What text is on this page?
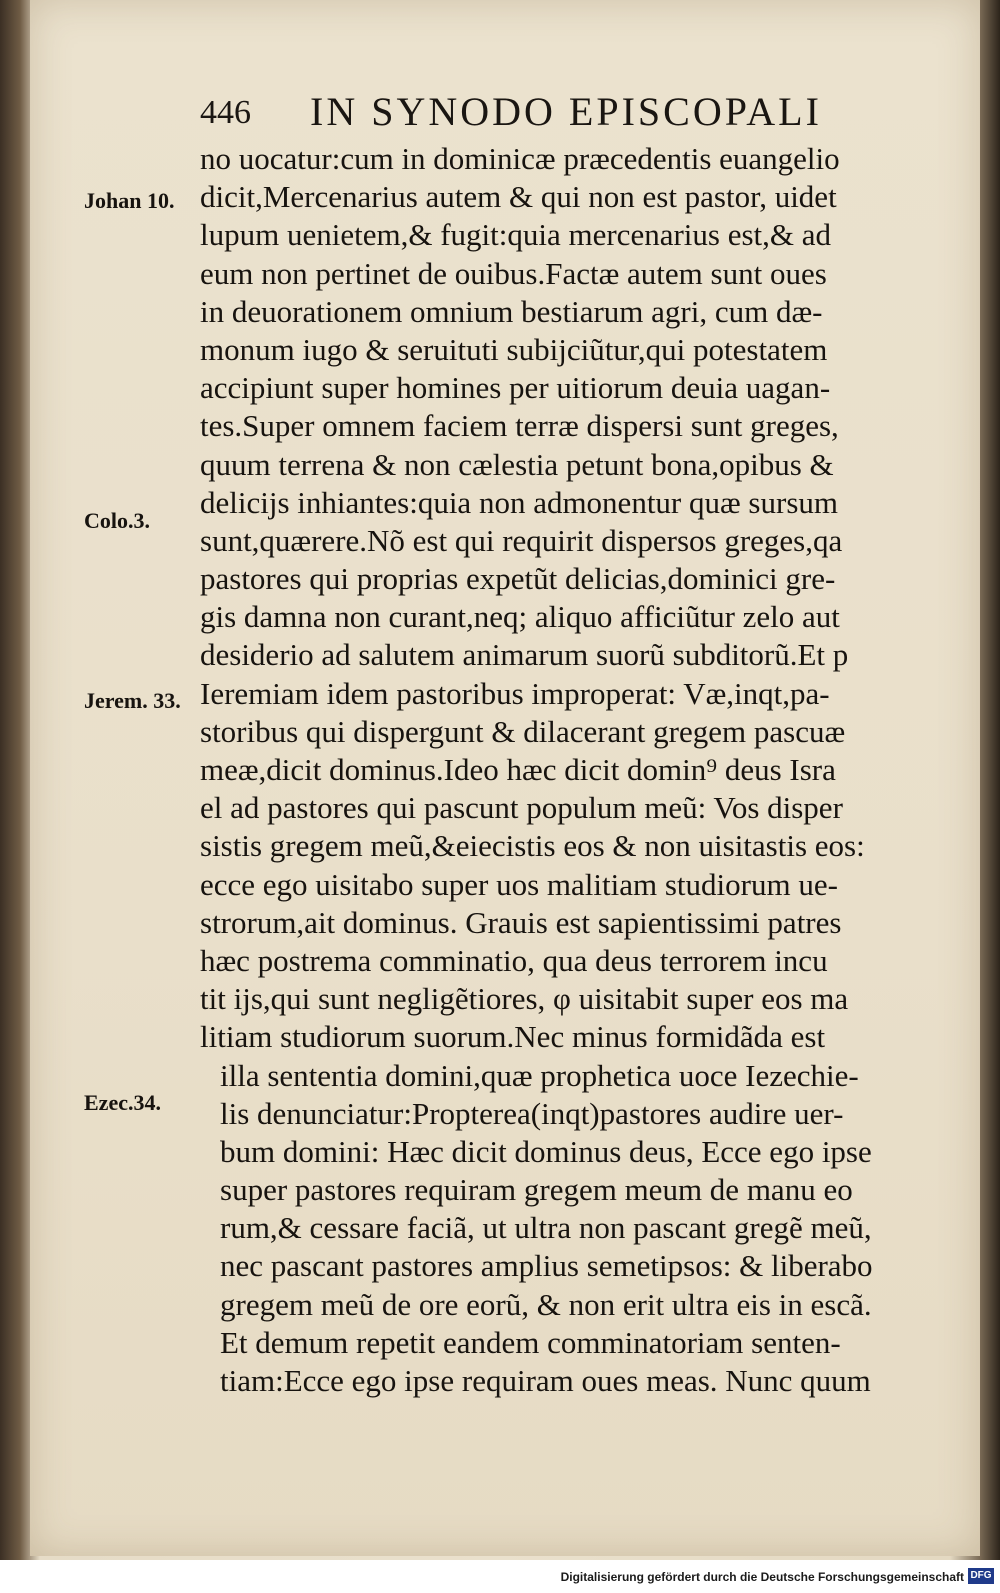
446 IN SYNODO EPISCOPALI
Johan 10.
Colo.3.
Jerem. 33.
Ezec.34.
no uocatur:cum in dominicæ præcedentis euangelio
dicit,Mercenarius autem & qui non est pastor, uidet
lupum uenietem,& fugit:quia mercenarius est,& ad
eum non pertinet de ouibus.Factæ autem sunt oues
in deuorationem omnium bestiarum agri, cum dæ-
monum iugo & seruituti subijciũtur,qui potestatem
accipiunt super homines per uitiorum deuia uagan-
tes.Super omnem faciem terræ dispersi sunt greges,
quum terrena & non cælestia petunt bona,opibus &
delicijs inhiantes:quia non admonentur quæ sursum
sunt,quærere.Nõ est qui requirit dispersos greges,qa
pastores qui proprias expetũt delicias,dominici gre-
gis damna non curant,neq; aliquo afficiũtur zelo aut
desiderio ad salutem animarum suorũ subditorũ.Et p
Ieremiam idem pastoribus improperat: Væ,inqt,pa-
storibus qui dispergunt & dilacerant gregem pascuæ
meæ,dicit dominus.Ideo hæc dicit domin⁹ deus Isra
el ad pastores qui pascunt populum meũ: Vos disper
sistis gregem meũ,&eiecistis eos & non uisitastis eos:
ecce ego uisitabo super uos malitiam studiorum ue-
strorum,ait dominus. Grauis est sapientissimi patres
hæc postrema comminatio, qua deus terrorem incu
tit ijs,qui sunt negligẽtiores, φ uisitabit super eos ma
litiam studiorum suorum.Nec minus formidãda est
illa sententia domini,quæ prophetica uoce Iezechie-
lis denunciatur:Propterea(inqt)pastores audire uer-
bum domini: Hæc dicit dominus deus, Ecce ego ipse
super pastores requiram gregem meum de manu eo
rum,& cessare faciã, ut ultra non pascant gregẽ meũ,
nec pascant pastores amplius semetipsos: & liberabo
gregem meũ de ore eorũ, & non erit ultra eis in escã.
Et demum repetit eandem comminatoriam senten-
tiam:Ecce ego ipse requiram oues meas. Nunc quum
Digitalisierung gefördert durch die Deutsche Forschungsgemeinschaft DFG
